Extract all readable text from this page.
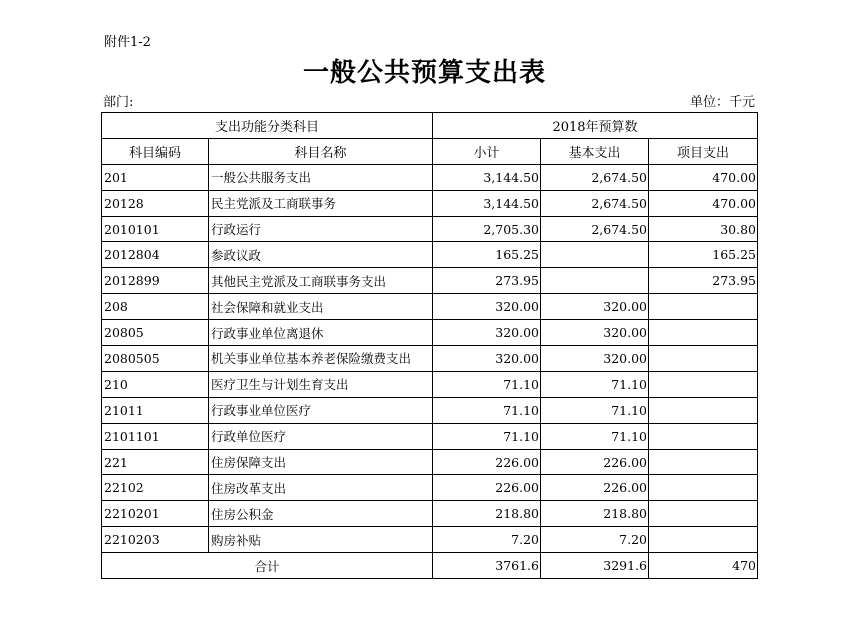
附件1-2
一般公共预算支出表
部门:	单位：千元
支出功能分类科目		2018年预算数		
科目编码	科目名称	小计	基本支出	项目支出
201	一般公共服务支出	3,144.50	2,674.50	470.00
20128	民主党派及工商联事务	3,144.50	2,674.50	470.00
2010101	行政运行	2,705.30	2,674.50	30.80
2012804	参政议政	165.25		165.25
2012899	其他民主党派及工商联事务支出	273.95		273.95
208	社会保障和就业支出	320.00	320.00	
20805	行政事业单位离退休	320.00	320.00	
2080505	机关事业单位基本养老保险缴费支出	320.00	320.00	
210	医疗卫生与计划生育支出	71.10	71.10	
21011	行政事业单位医疗	71.10	71.10	
2101101	行政单位医疗	71.10	71.10	
221	住房保障支出	226.00	226.00	
22102	住房改革支出	226.00	226.00	
2210201	住房公积金	218.80	218.80	
2210203	购房补贴	7.20	7.20	
合计		3761.6	3291.6	470
